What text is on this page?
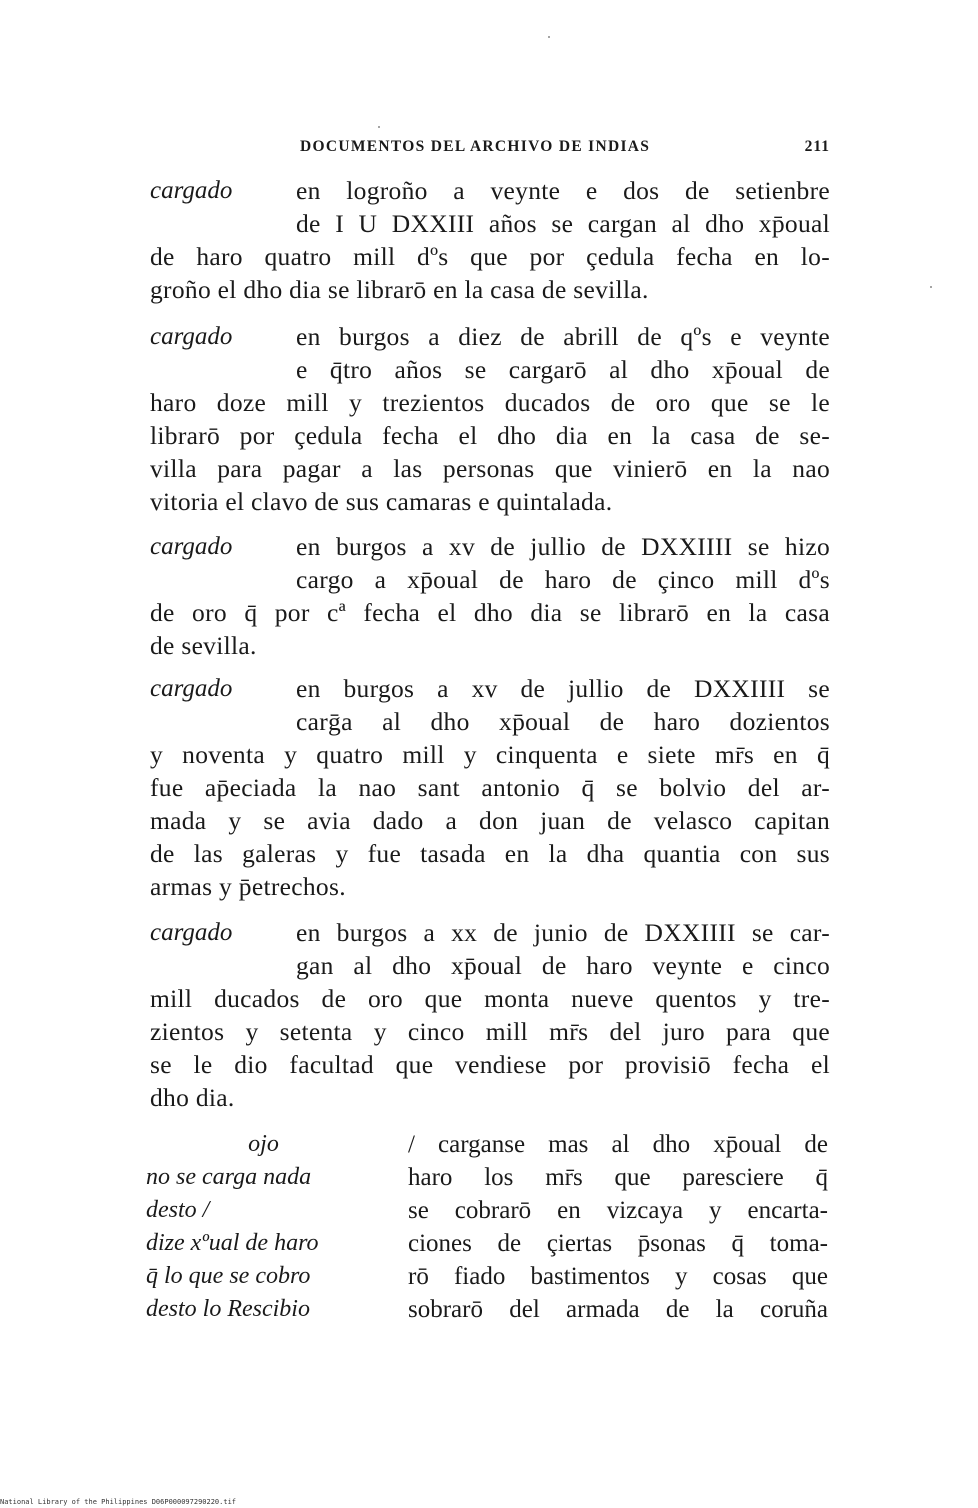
DOCUMENTOS DEL ARCHIVO DE INDIAS	211
cargado en logroño a veynte e dos de setienbre
de I U DXXIII años se cargan al dho xp̄oual
de haro quatro mill dºs que por çedula fecha en lo-
groño el dho dia se librarō en la casa de sevilla.
cargado en burgos a diez de abrill de qºs e veynte
e q̄tro años se cargarō al dho xp̄oual de
haro doze mill y trezientos ducados de oro que se le
librarō por çedula fecha el dho dia en la casa de se-
villa para pagar a las personas que vinierō en la nao
vitoria el clavo de sus camaras e quintalada.
cargado en burgos a xv de jullio de DXXIIII se hizo
cargo a xp̄oual de haro de çinco mill dºs
de oro q̄ por cª fecha el dho dia se librarō en la casa
de sevilla.
cargado en burgos a xv de jullio de DXXIIII se
carḡa al dho xp̄oual de haro dozientos
y noventa y quatro mill y cinquenta e siete mr̄s en q̄
fue ap̄eciada la nao sant antonio q̄ se bolvio del ar-
mada y se avia dado a don juan de velasco capitan
de las galeras y fue tasada en la dha quantia con sus
armas y p̄etrechos.
cargado en burgos a xx de junio de DXXIIII se car-
gan al dho xp̄oual de haro veynte e cinco
mill ducados de oro que monta nueve quentos y tre-
zientos y setenta y cinco mill mr̄s del juro para que
se le dio facultad que vendiese por provisiō fecha el
dho dia.
ojo
no se carga nada
desto /
dize xºual de haro
q̄ lo que se cobro
desto lo Rescibio
/ carganse mas al dho xp̄oual de
haro los mr̄s que paresciere q̄
se cobrarō en vizcaya y encarta-
ciones de çiertas p̄sonas q̄ toma-
rō fiado bastimentos y cosas que
sobrarō del armada de la coruña
National Library of the Philippines D06P000097290220.tif
